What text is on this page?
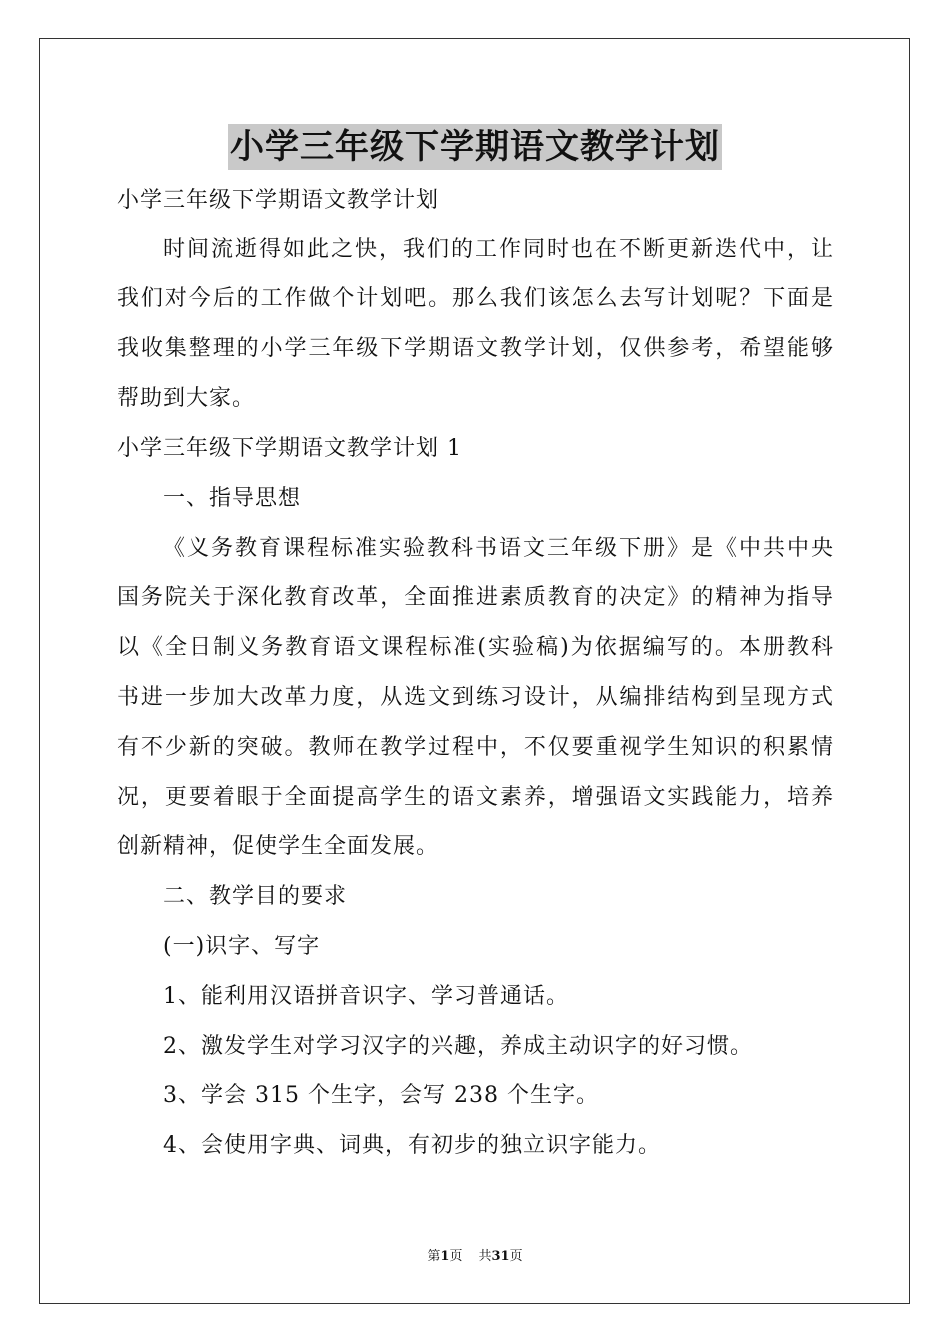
小学三年级下学期语文教学计划
小学三年级下学期语文教学计划
时间流逝得如此之快，我们的工作同时也在不断更新迭代中，让
我们对今后的工作做个计划吧。那么我们该怎么去写计划呢？下面是
我收集整理的小学三年级下学期语文教学计划，仅供参考，希望能够
帮助到大家。
小学三年级下学期语文教学计划 1
一、指导思想
《义务教育课程标准实验教科书语文三年级下册》是《中共中央
国务院关于深化教育改革，全面推进素质教育的决定》的精神为指导
以《全日制义务教育语文课程标准(实验稿)为依据编写的。本册教科
书进一步加大改革力度，从选文到练习设计，从编排结构到呈现方式
有不少新的突破。教师在教学过程中，不仅要重视学生知识的积累情
况，更要着眼于全面提高学生的语文素养，增强语文实践能力，培养
创新精神，促使学生全面发展。
二、教学目的要求
(一)识字、写字
1、能利用汉语拼音识字、学习普通话。
2、激发学生对学习汉字的兴趣，养成主动识字的好习惯。
3、学会 315 个生字，会写 238 个生字。
4、会使用字典、词典，有初步的独立识字能力。
第1页 共31页
